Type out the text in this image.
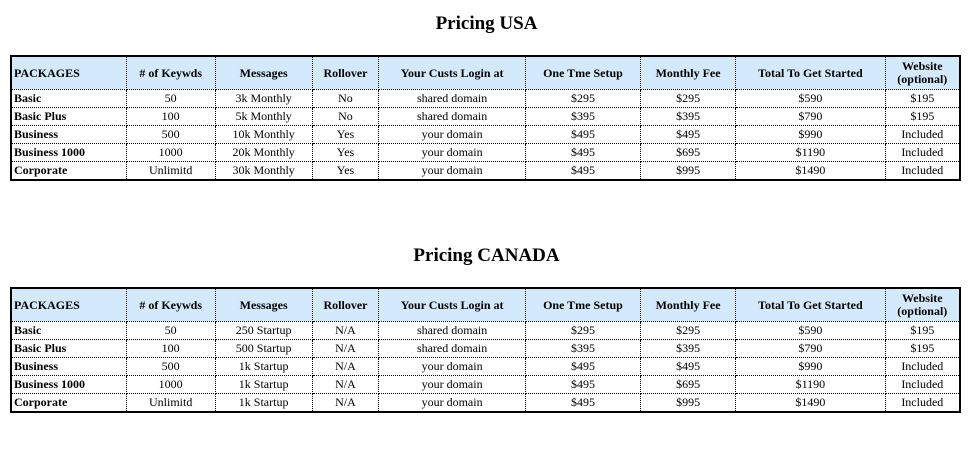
Pricing USA
PACKAGES	# of Keywds	Messages	Rollover	Your Custs Login at	One Tme Setup	Monthly Fee	Total To Get Started	Website (optional)
Basic	50	3k Monthly	No	shared domain	$295	$295	$590	$195
Basic Plus	100	5k Monthly	No	shared domain	$395	$395	$790	$195
Business	500	10k Monthly	Yes	your domain	$495	$495	$990	Included
Business 1000	1000	20k Monthly	Yes	your domain	$495	$695	$1190	Included
Corporate	Unlimitd	30k Monthly	Yes	your domain	$495	$995	$1490	Included
Pricing CANADA
PACKAGES	# of Keywds	Messages	Rollover	Your Custs Login at	One Tme Setup	Monthly Fee	Total To Get Started	Website (optional)
Basic	50	250 Startup	N/A	shared domain	$295	$295	$590	$195
Basic Plus	100	500 Startup	N/A	shared domain	$395	$395	$790	$195
Business	500	1k Startup	N/A	your domain	$495	$495	$990	Included
Business 1000	1000	1k Startup	N/A	your domain	$495	$695	$1190	Included
Corporate	Unlimitd	1k Startup	N/A	your domain	$495	$995	$1490	Included
